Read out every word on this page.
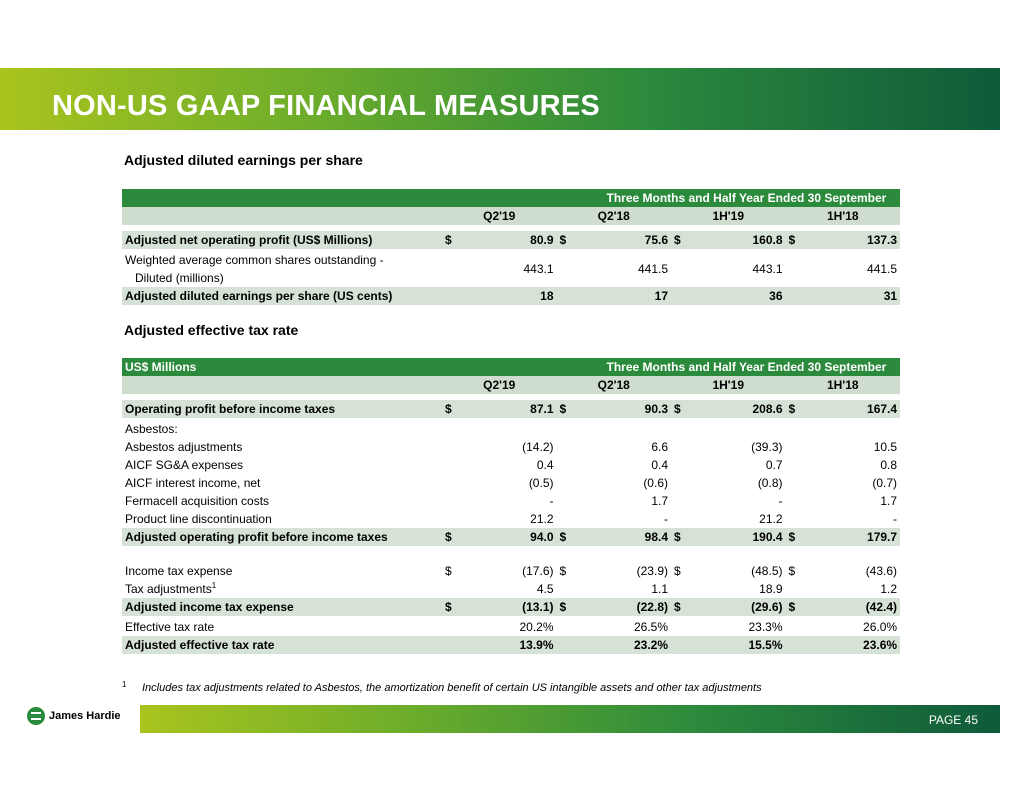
NON-US GAAP FINANCIAL MEASURES
Adjusted diluted earnings per share
			Three Months and Half Year Ended 30 September					
	Q2'19		Q2'18		1H'19		1H'18	

Adjusted net operating profit (US$ Millions)	$	80.9	$	75.6	$	160.8	$	137.3
Weighted average common shares outstanding -
Diluted (millions)		443.1		441.5		443.1		441.5
Adjusted diluted earnings per share (US cents)		18		17		36		31
Adjusted effective tax rate
US$ Millions			Three Months and Half Year Ended 30 September					
	Q2'19		Q2'18		1H'19		1H'18	

Operating profit before income taxes	$	87.1	$	90.3	$	208.6	$	167.4
Asbestos:								
Asbestos adjustments		(14.2)		6.6		(39.3)		10.5
AICF SG&A expenses		0.4		0.4		0.7		0.8
AICF interest income, net		(0.5)		(0.6)		(0.8)		(0.7)
Fermacell acquisition costs		-		1.7		-		1.7
Product line discontinuation		21.2		-		21.2		-
Adjusted operating profit before income taxes	$	94.0	$	98.4	$	190.4	$	179.7

Income tax expense	$	(17.6)	$	(23.9)	$	(48.5)	$	(43.6)
Tax adjustments$^1$		4.5		1.1		18.9		1.2
Adjusted income tax expense	$	(13.1)	$	(22.8)	$	(29.6)	$	(42.4)
Effective tax rate		20.2%		26.5%		23.3%		26.0%
Adjusted effective tax rate		13.9%		23.2%		15.5%		23.6%
1 Includes tax adjustments related to Asbestos, the amortization benefit of certain US intangible assets and other tax adjustments
James Hardie	PAGE 45
